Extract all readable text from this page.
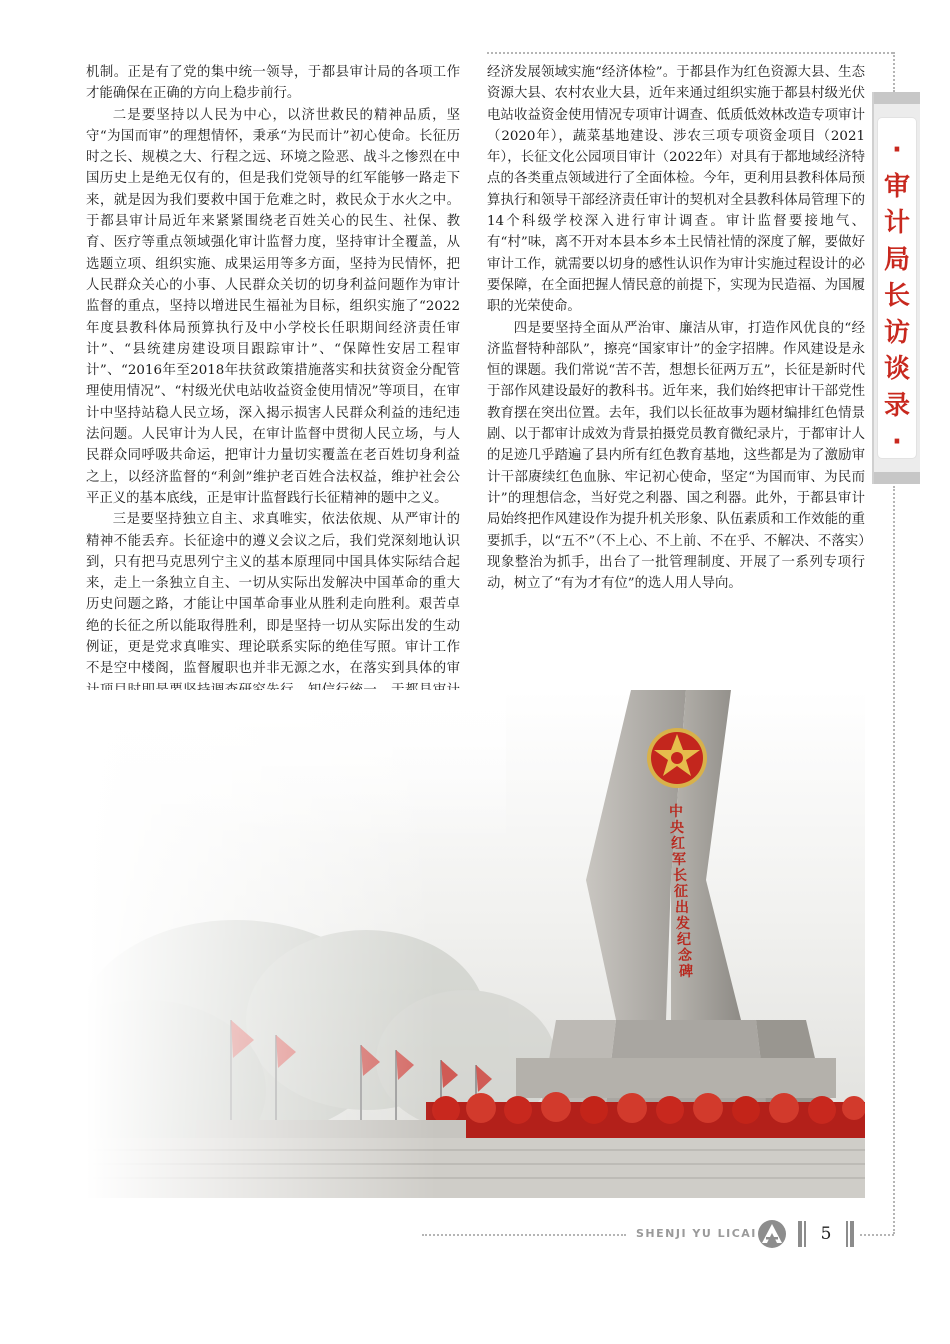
·
审
计
局
长
访
谈
录
·

机制。正是有了党的集中统一领导，于都县审计局的各项工作才能确保在正确的方向上稳步前行。

二是要坚持以人民为中心，以济世救民的精神品质，坚守“为国而审”的理想情怀，秉承“为民而计”初心使命。长征历时之长、规模之大、行程之远、环境之险恶、战斗之惨烈在中国历史上是绝无仅有的，但是我们党领导的红军能够一路走下来，就是因为我们要救中国于危难之时，救民众于水火之中。于都县审计局近年来紧紧围绕老百姓关心的民生、社保、教育、医疗等重点领域强化审计监督力度，坚持审计全覆盖，从选题立项、组织实施、成果运用等多方面，坚持为民情怀，把人民群众关心的小事、人民群众关切的切身利益问题作为审计监督的重点，坚持以增进民生福祉为目标，组织实施了“2022年度县教科体局预算执行及中小学校长任职期间经济责任审计”、“县统建房建设项目跟踪审计”、“保障性安居工程审计”、“2016年至2018年扶贫政策措施落实和扶贫资金分配管理使用情况”、“村级光伏电站收益资金使用情况”等项目，在审计中坚持站稳人民立场，深入揭示损害人民群众利益的违纪违法问题。人民审计为人民，在审计监督中贯彻人民立场，与人民群众同呼吸共命运，把审计力量切实覆盖在老百姓切身利益之上，以经济监督的“利剑”维护老百姓合法权益，维护社会公平正义的基本底线，正是审计监督践行长征精神的题中之义。

三是要坚持独立自主、求真唯实，依法依规、从严审计的精神不能丢弃。长征途中的遵义会议之后，我们党深刻地认识到，只有把马克思列宁主义的基本原理同中国具体实际结合起来，走上一条独立自主、一切从实际出发解决中国革命的重大历史问题之路，才能让中国革命事业从胜利走向胜利。艰苦卓绝的长征之所以能取得胜利，即是坚持一切从实际出发的生动例证，更是党求真唯实、理论联系实际的绝佳写照。审计工作不是空中楼阁，监督履职也并非无源之水，在落实到具体的审

经济发展领域实施“经济体检”。于都县作为红色资源大县、生态资源大县、农村农业大县，近年来通过组织实施于都县村级光伏电站收益资金使用情况专项审计调查、低质低效林改造专项审计（2020年），蔬菜基地建设、涉农三项专项资金项目（2021年），长征文化公园项目审计（2022年）对具有于都地域经济特点的各类重点领域进行了全面体检。今年，更利用县教科体局预算执行和领导干部经济责任审计的契机对全县教科体局管理下的14个科级学校深入进行审计调查。审计监督要接地气、有“村”味，离不开对本县本乡本土民情社情的深度了解，要做好审计工作，就需要以切身的感性认识作为审计实施过程设计的必要保障，在全面把握人情民意的前提下，实现为民造福、为国履职的光荣使命。

四是要坚持全面从严治审、廉洁从审，打造作风优良的“经济监督特种部队”，擦亮“国家审计”的金字招牌。作风建设是永恒的课题。我们常说“苦不苦，想想长征两万五”，长征是新时代于部作风建设最好的教科书。近年来，我们始终把审计干部党性教育摆在突出位置。去年，我们以长征故事为题材编排红色情景剧、以于都审计成效为背景拍摄党员教育微纪录片，于都审计人的足迹几乎踏遍了县内所有红色教育基地，这些都是为了激励审计干部赓续红色血脉、牢记初心使命，坚定“为国而审、为民而计”的理想信念，当好党之利器、国之利器。此外，于都县审计局始终把作风建设作为提升机关形象、队伍素质和工作效能的重要抓手，以“五不”（不上心、不上前、不在乎、不解决、不落实）现象整治为抓手，出台了一批管理制度、开展了一系列专项行动，树立了“有为才有位”的选人用人导向。

SHENJI YU LICAI	5
